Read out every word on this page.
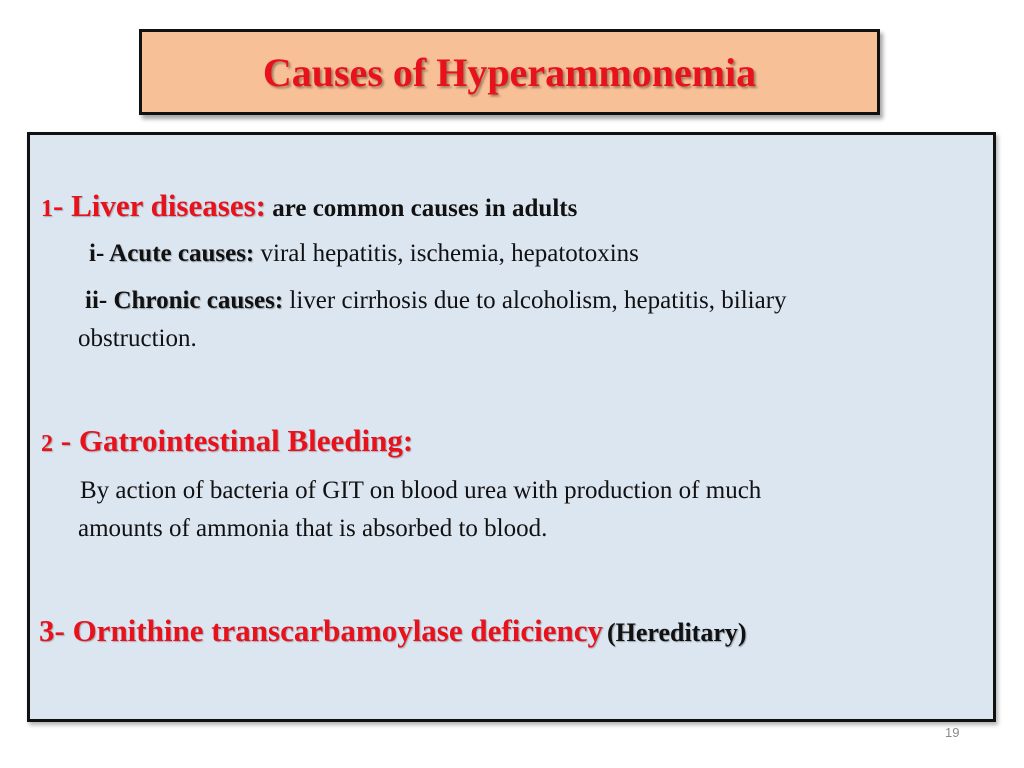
Causes of Hyperammonemia
1- Liver diseases: are common causes in adults
i- Acute causes: viral hepatitis, ischemia, hepatotoxins
ii- Chronic causes: liver cirrhosis due to alcoholism, hepatitis, biliary
obstruction.
2 - Gatrointestinal Bleeding:
By action of bacteria of GIT on blood urea with production of much
amounts of ammonia that is absorbed to blood.
3- Ornithine transcarbamoylase deficiency (Hereditary)
19
